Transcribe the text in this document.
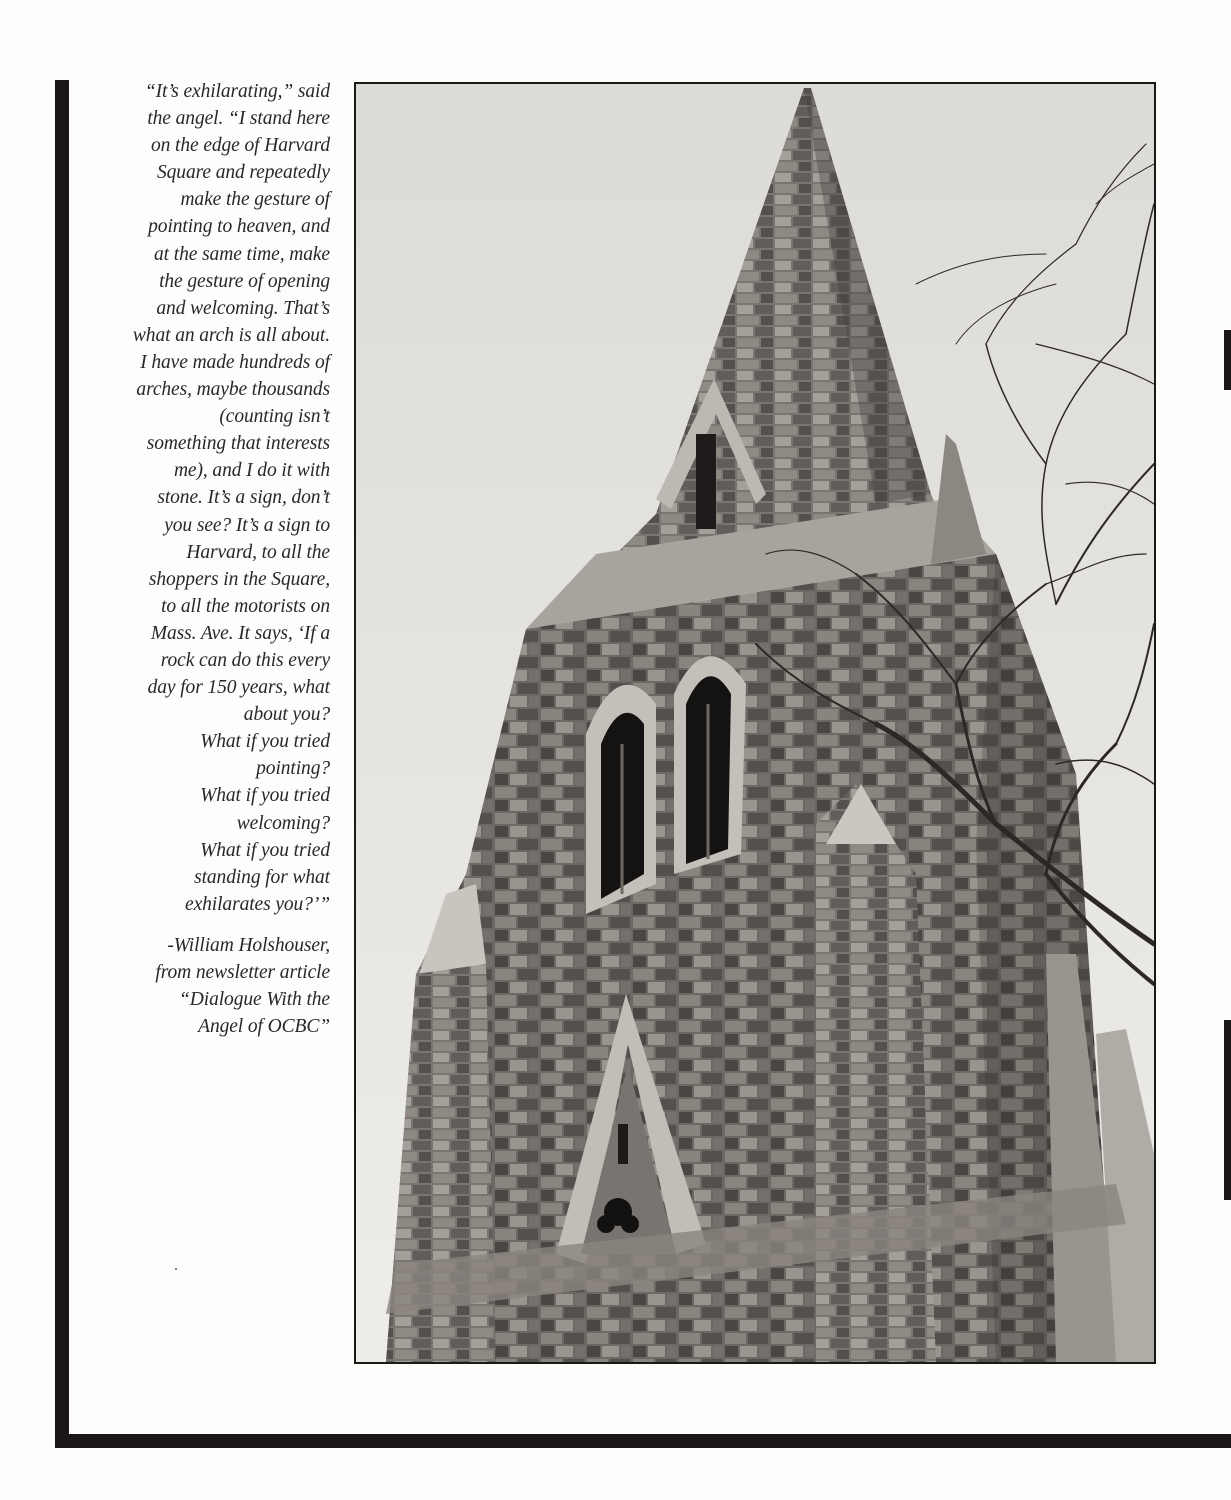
“It’s exhilarating,” said
the angel. “I stand here
on the edge of Harvard
Square and repeatedly
make the gesture of
pointing to heaven, and
at the same time, make
the gesture of opening
and welcoming. That’s
what an arch is all about.
I have made hundreds of
arches, maybe thousands
(counting isn’t
something that interests
me), and I do it with
stone. It’s a sign, don’t
you see? It’s a sign to
Harvard, to all the
shoppers in the Square,
to all the motorists on
Mass. Ave. It says, ‘If a
rock can do this every
day for 150 years, what
about you?
What if you tried
pointing?
What if you tried
welcoming?
What if you tried
standing for what
exhilarates you?’”
-William Holshouser,
from newsletter article
“Dialogue With the
Angel of OCBC”
